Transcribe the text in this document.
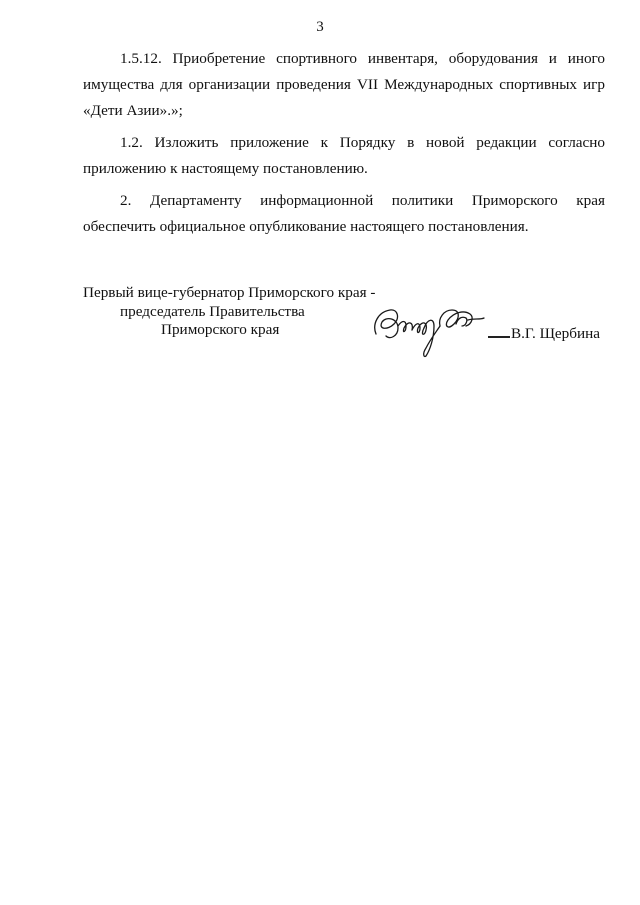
3

1.5.12. Приобретение спортивного инвентаря, оборудования и иного имущества для организации проведения VII Международных спортивных игр «Дети Азии».»;

1.2. Изложить приложение к Порядку в новой редакции согласно приложению к настоящему постановлению.

2. Департаменту информационной политики Приморского края обеспечить официальное опубликование настоящего постановления.

Первый вице-губернатор Приморского края -
председатель Правительства
Приморского края	В.Г. Щербина
